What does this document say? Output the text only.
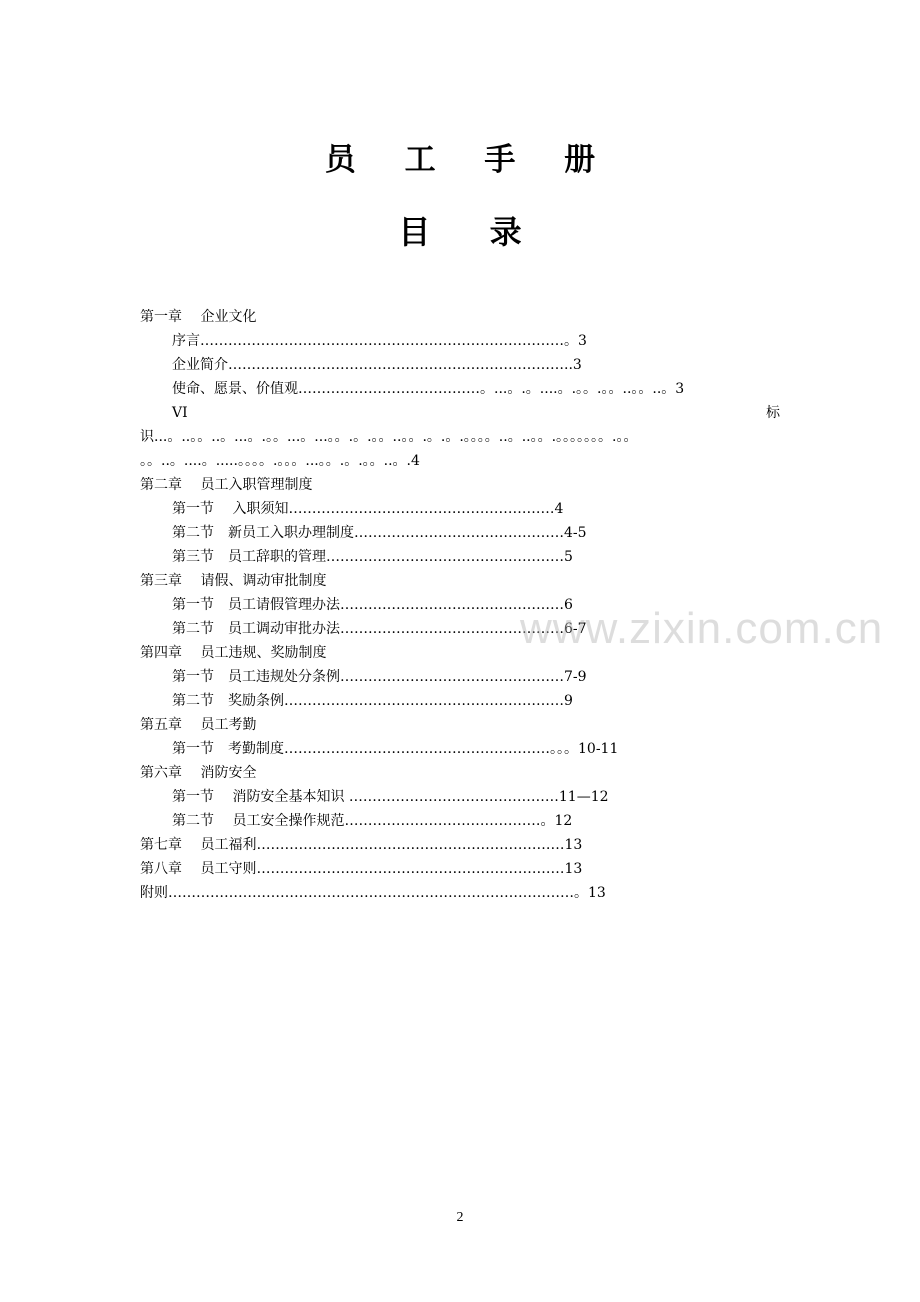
员 工 手 册
目 录
第一章　 企业文化
序言……………………………………………………………………。3
企业简介………………………………………………………………..3
使命、愿景、价值观…………………………………。...。.。....。.。。.。。..。。..。3
VI	标
识...。..。。..。...。.。。...。...。。.。.。。..。。.。.。.。。。。..。..。。.。。。。。。。.。。
。。..。....。.....。。。。.。。。...。。.。.。。..。.4
第二章　 员工入职管理制度
第一节　 入职须知…………………………………………………4
第二节　新员工入职办理制度………………………………………4-5
第三节　员工辞职的管理……………………………………………5
第三章　 请假、调动审批制度
第一节　员工请假管理办法…………………………………………6
第二节　员工调动审批办法…………………………………………6-7
第四章　 员工违规、奖励制度
第一节　员工违规处分条例…………………………………………7-9
第二节　奖励条例……………………………………………………9
第五章　 员工考勤
第一节　考勤制度…………………………………………………。。。10-11
第六章　 消防安全
第一节　 消防安全基本知识 ………………………………………11—12
第二节　 员工安全操作规范……………………………………。12
第七章　 员工福利…………………………………………………………13
第八章　 员工守则…………………………………………………………13
附则……………………………………………………………………………。13
www.zixin.com.cn
2
